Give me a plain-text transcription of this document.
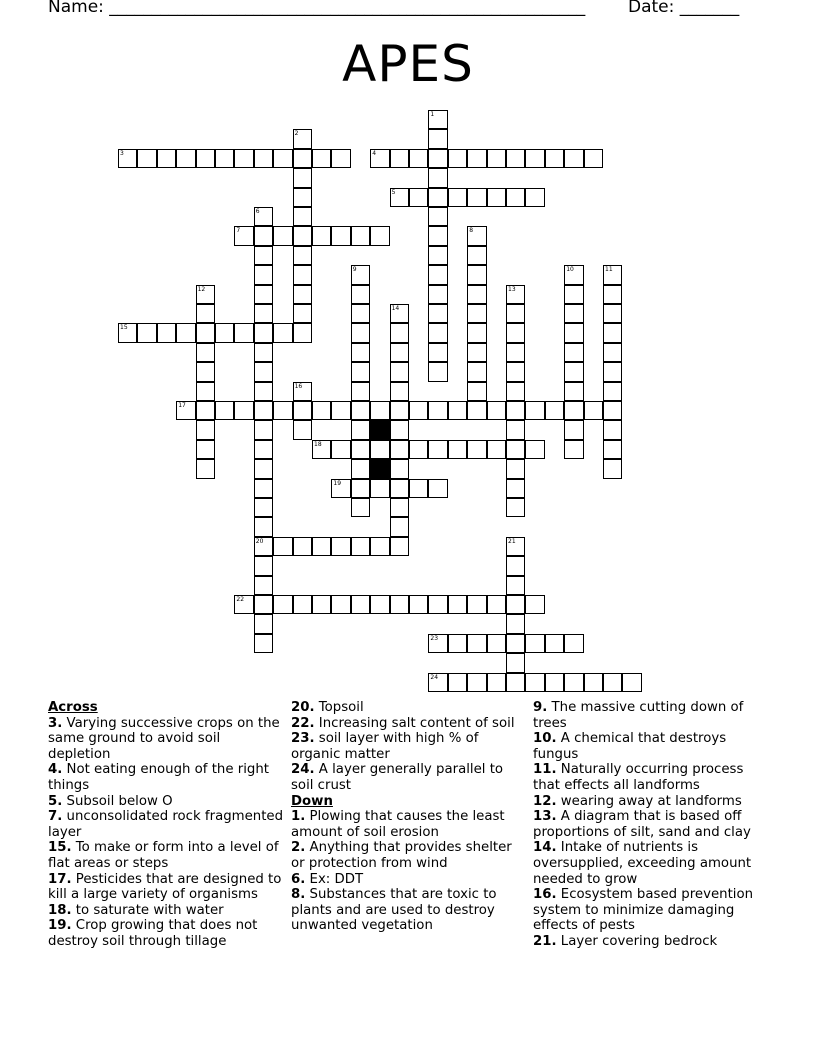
Name: ________________________________________________________	Date: _______
APES
3	4
5
7
15
17
18
19
20
22
23
24
1
2
6
8
9	10	11
12	13
14
16
21
Across
3. Varying successive crops on the same ground to avoid soil depletion
4. Not eating enough of the right things
5. Subsoil below O
7. unconsolidated rock fragmented layer
15. To make or form into a level of flat areas or steps
17. Pesticides that are designed to kill a large variety of organisms
18. to saturate with water
19. Crop growing that does not destroy soil through tillage
20. Topsoil
22. Increasing salt content of soil
23. soil layer with high % of organic matter
24. A layer generally parallel to soil crust
Down
1. Plowing that causes the least amount of soil erosion
2. Anything that provides shelter or protection from wind
6. Ex: DDT
8. Substances that are toxic to plants and are used to destroy unwanted vegetation
9. The massive cutting down of trees
10. A chemical that destroys fungus
11. Naturally occurring process that effects all landforms
12. wearing away at landforms
13. A diagram that is based off proportions of silt, sand and clay
14. Intake of nutrients is oversupplied, exceeding amount needed to grow
16. Ecosystem based prevention system to minimize damaging effects of pests
21. Layer covering bedrock
